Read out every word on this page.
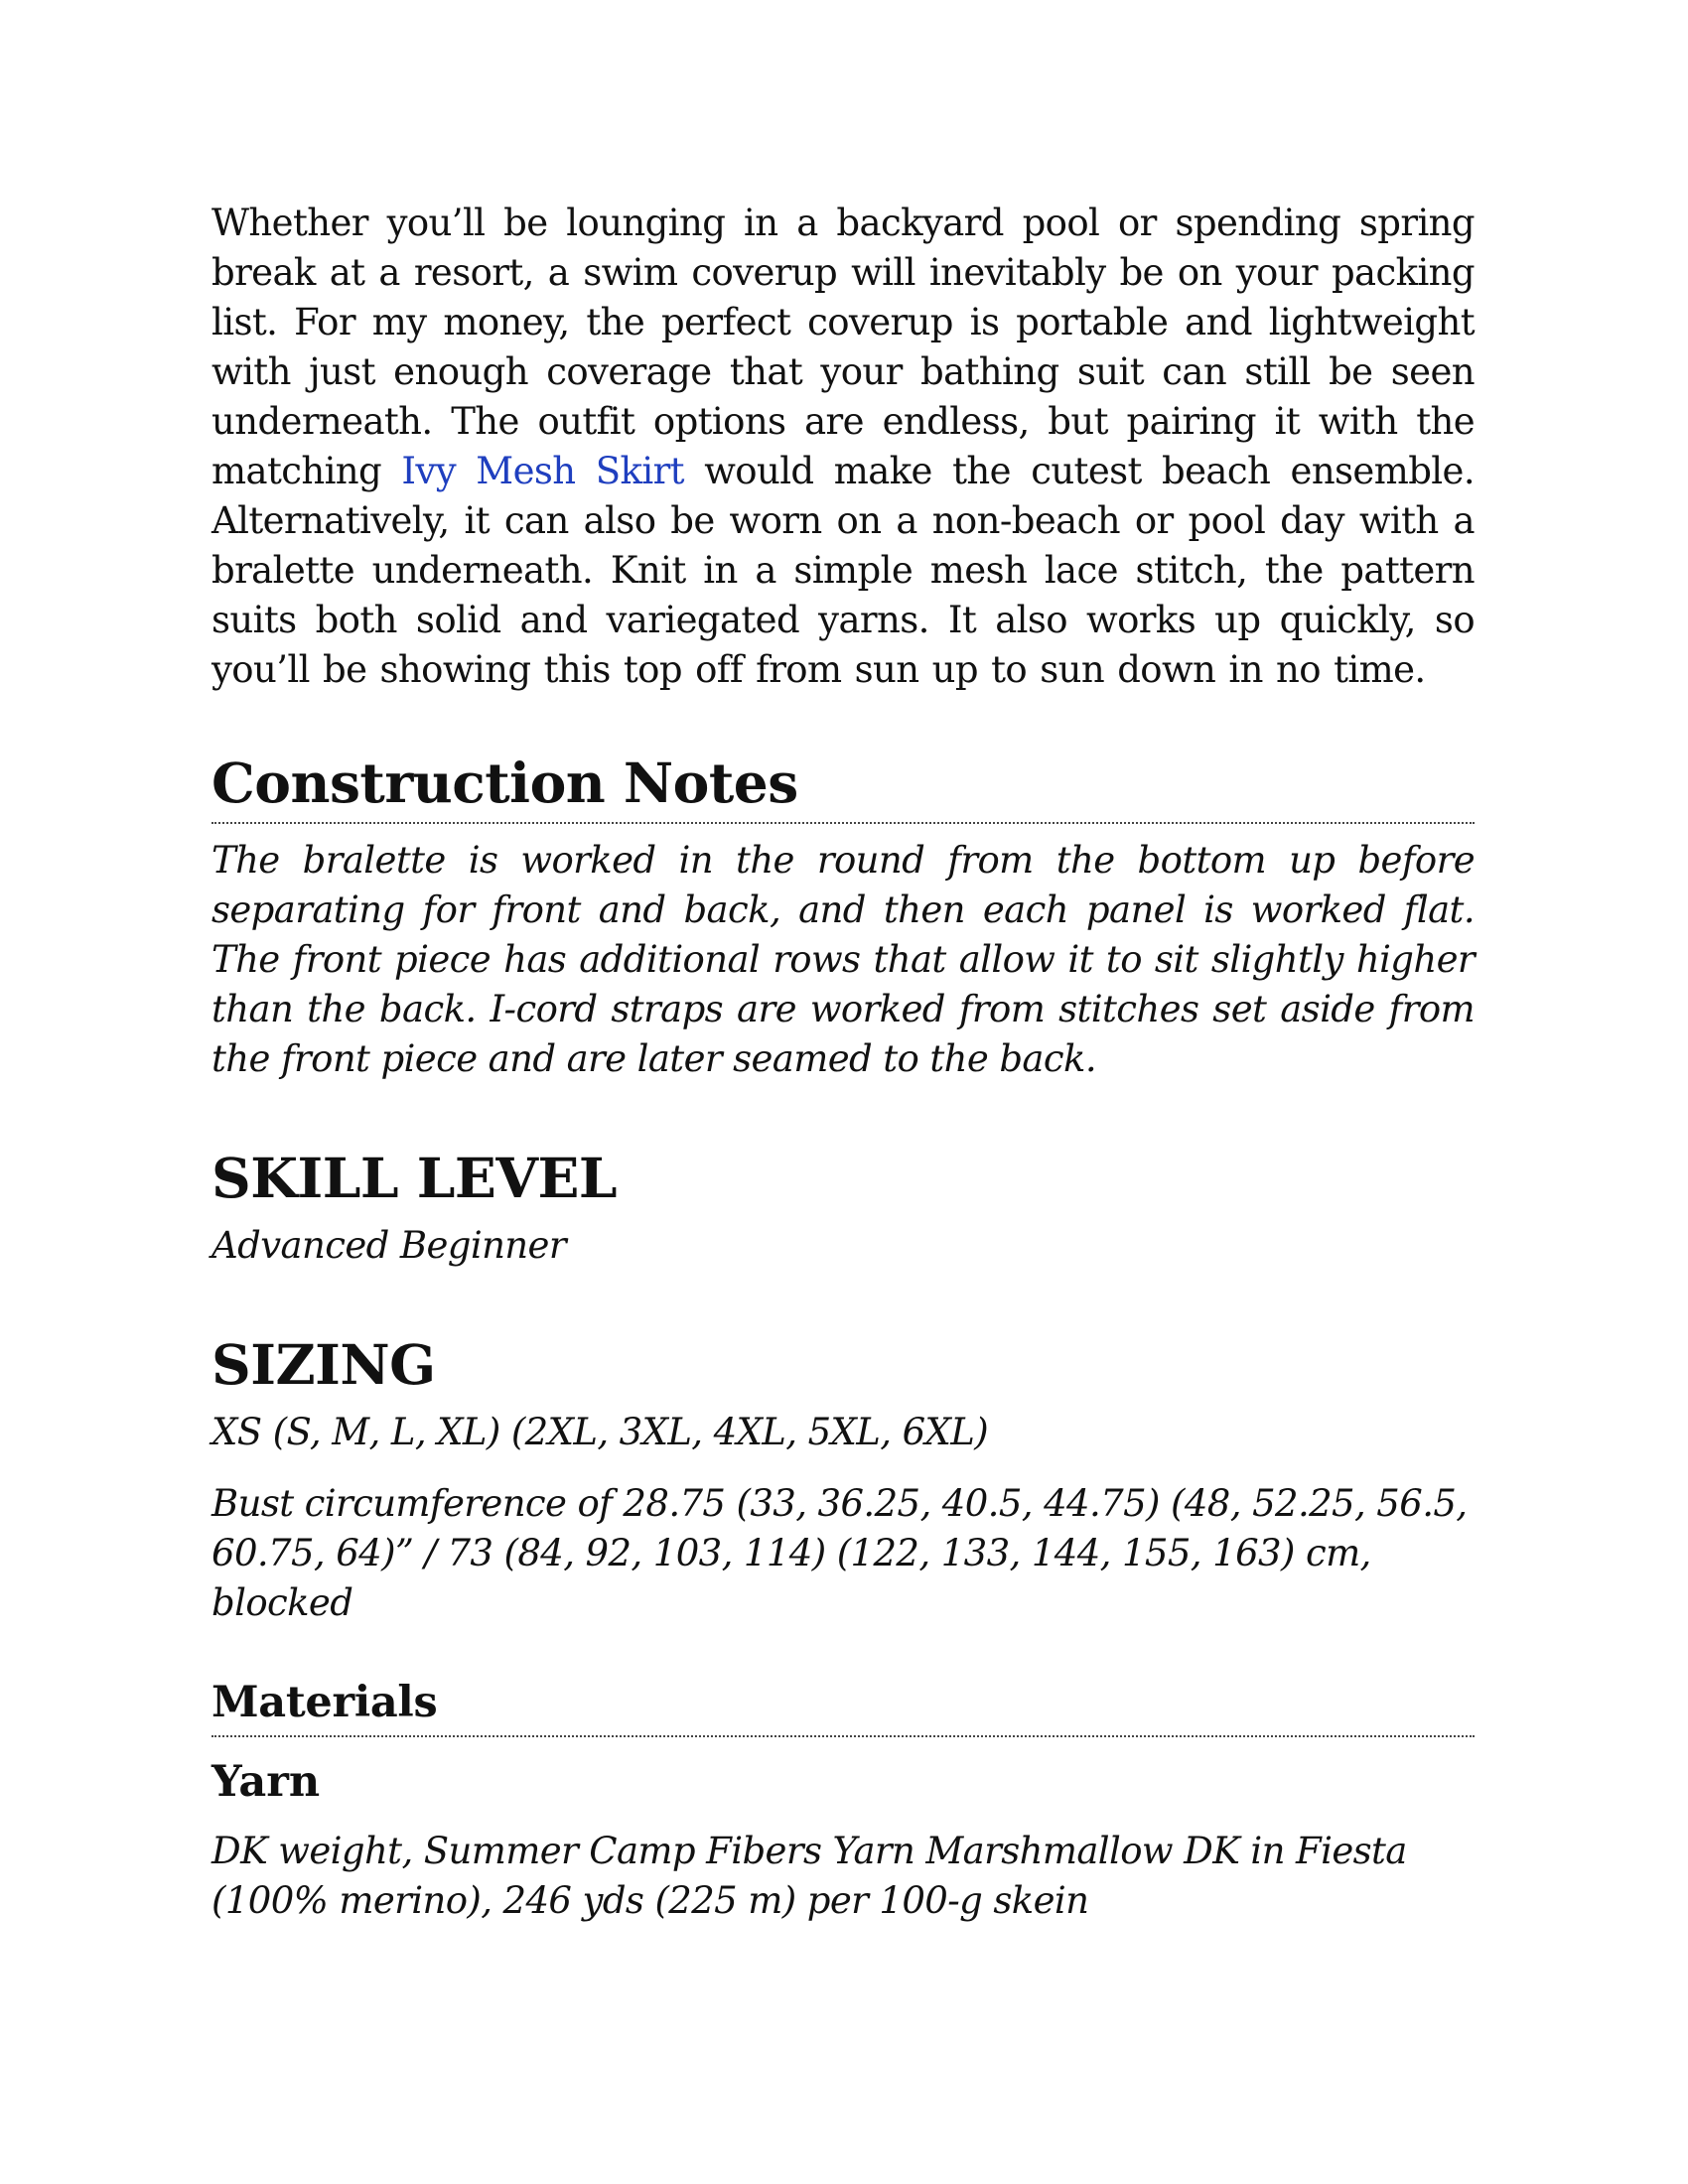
Whether you’ll be lounging in a backyard pool or spending spring break at a resort, a swim coverup will inevitably be on your packing list. For my money, the perfect coverup is portable and lightweight with just enough coverage that your bathing suit can still be seen underneath. The outfit options are endless, but pairing it with the matching Ivy Mesh Skirt would make the cutest beach ensemble. Alternatively, it can also be worn on a non-beach or pool day with a bralette underneath. Knit in a simple mesh lace stitch, the pattern suits both solid and variegated yarns. It also works up quickly, so you’ll be showing this top off from sun up to sun down in no time.

Construction Notes

The bralette is worked in the round from the bottom up before separating for front and back, and then each panel is worked flat. The front piece has additional rows that allow it to sit slightly higher than the back. I-cord straps are worked from stitches set aside from the front piece and are later seamed to the back.

SKILL LEVEL

Advanced Beginner

SIZING

XS (S, M, L, XL) (2XL, 3XL, 4XL, 5XL, 6XL)

Bust circumference of 28.75 (33, 36.25, 40.5, 44.75) (48, 52.25, 56.5, 60.75, 64)” / 73 (84, 92, 103, 114) (122, 133, 144, 155, 163) cm, blocked

Materials
Yarn

DK weight, Summer Camp Fibers Yarn Marshmallow DK in Fiesta
(100% merino), 246 yds (225 m) per 100-g skein
